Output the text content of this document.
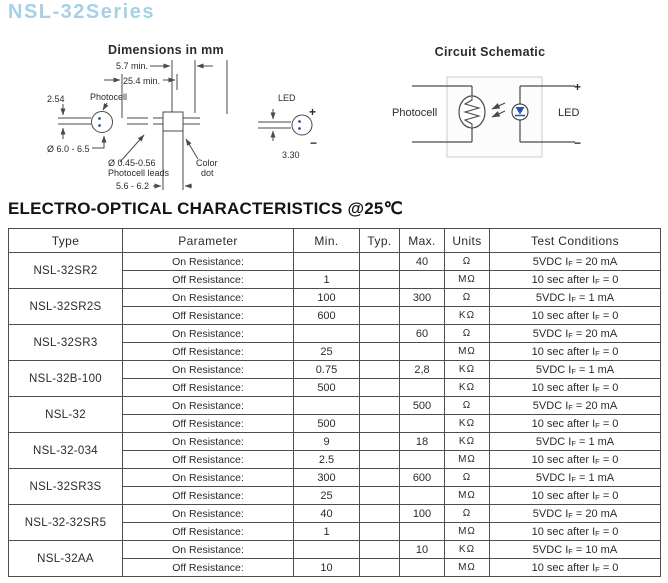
NSL-32Series
Dimensions in mm
5.7 min.
25.4 min.
Photocell
2.54
Ø 6.0 - 6.5
Ø 0.45-0.56
Photocell leads
Color
dot
5.6 - 6.2
LED
+
−
3.30
Circuit Schematic
Photocell	LED
+
−
ELECTRO-OPTICAL CHARACTERISTICS @25℃
Type	Parameter	Min.	Typ.	Max.	Units	Test Conditions
NSL-32SR2	On Resistance:			40	Ω	5VDC IF = 20 mA
	Off Resistance:	1			MΩ	10 sec after IF = 0
NSL-32SR2S	On Resistance:	100		300	Ω	5VDC IF = 1 mA
	Off Resistance:	600			KΩ	10 sec after IF = 0
NSL-32SR3	On Resistance:			60	Ω	5VDC IF = 20 mA
	Off Resistance:	25			MΩ	10 sec after IF = 0
NSL-32B-100	On Resistance:	0.75		2,8	KΩ	5VDC IF = 1 mA
	Off Resistance:	500			KΩ	10 sec after IF = 0
NSL-32	On Resistance:			500	Ω	5VDC IF = 20 mA
	Off Resistance:	500			KΩ	10 sec after IF = 0
NSL-32-034	On Resistance:	9		18	KΩ	5VDC IF = 1 mA
	Off Resistance:	2.5			MΩ	10 sec after IF = 0
NSL-32SR3S	On Resistance:	300		600	Ω	5VDC IF = 1 mA
	Off Resistance:	25			MΩ	10 sec after IF = 0
NSL-32-32SR5	On Resistance:	40		100	Ω	5VDC IF = 20 mA
	Off Resistance:	1			MΩ	10 sec after IF = 0
NSL-32AA	On Resistance:			10	KΩ	5VDC IF = 10 mA
	Off Resistance:	10			MΩ	10 sec after IF = 0
